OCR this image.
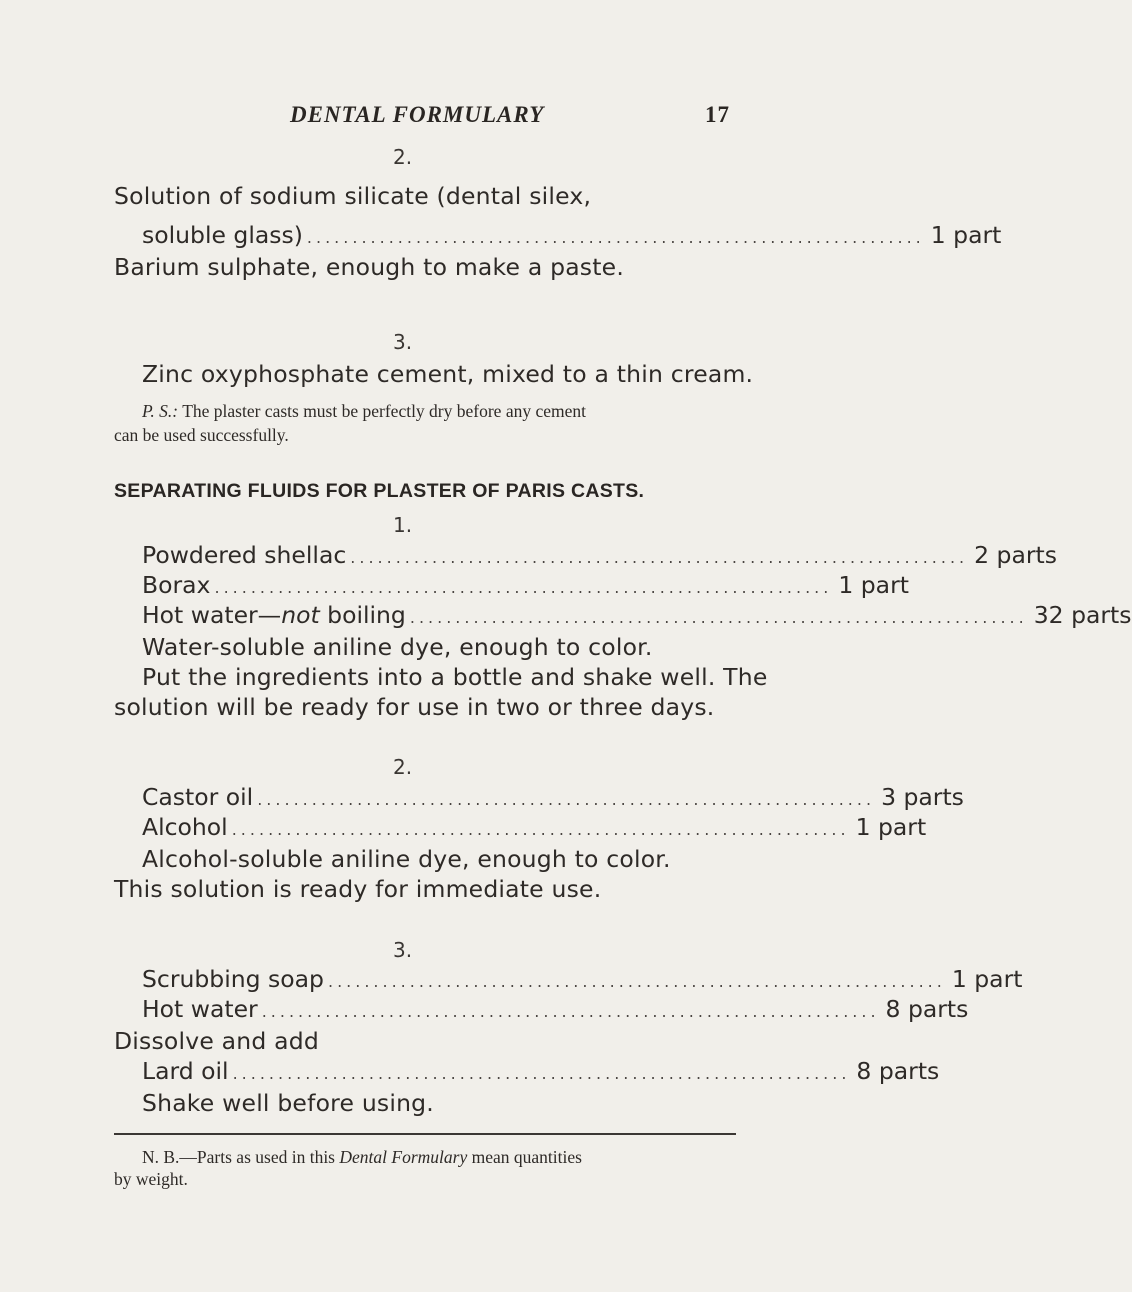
DENTAL FORMULARY	17
2.
Solution of sodium silicate (dental silex,
soluble glass) .................................................................... 1 part
Barium sulphate, enough to make a paste.
3.
Zinc oxyphosphate cement, mixed to a thin cream.
P. S.: The plaster casts must be perfectly dry before any cement
can be used successfully.
SEPARATING FLUIDS FOR PLASTER OF PARIS CASTS.
1.
Powdered shellac .................................................................... 2 parts
Borax .................................................................... 1 part
Hot water—not boiling .................................................................... 32 parts
Water-soluble aniline dye, enough to color.
Put the ingredients into a bottle and shake well. The
solution will be ready for use in two or three days.
2.
Castor oil .................................................................... 3 parts
Alcohol .................................................................... 1 part
Alcohol-soluble aniline dye, enough to color.
This solution is ready for immediate use.
3.
Scrubbing soap .................................................................... 1 part
Hot water .................................................................... 8 parts
Dissolve and add
Lard oil .................................................................... 8 parts
Shake well before using.
N. B.—Parts as used in this Dental Formulary mean quantities
by weight.
